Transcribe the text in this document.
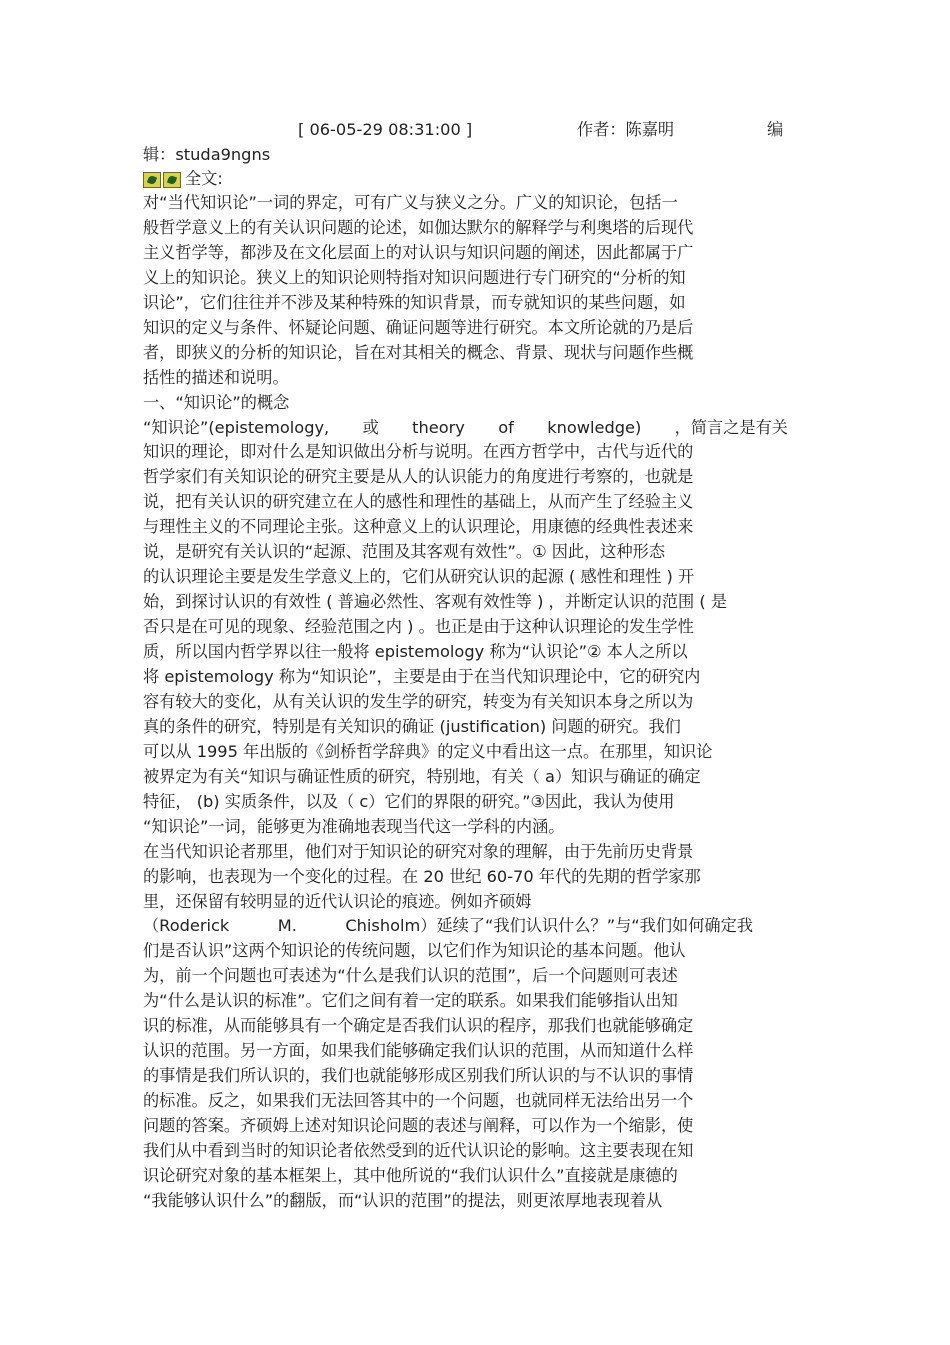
[ 06-05-29 08:31:00 ]	作者：陈嘉明	编
辑：studa9ngns
全文:
对“当代知识论”一词的界定，可有广义与狭义之分。广义的知识论，包括一
般哲学意义上的有关认识问题的论述，如伽达默尔的解释学与利奥塔的后现代
主义哲学等，都涉及在文化层面上的对认识与知识问题的阐述，因此都属于广
义上的知识论。狭义上的知识论则特指对知识问题进行专门研究的“分析的知
识论”，它们往往并不涉及某种特殊的知识背景，而专就知识的某些问题，如
知识的定义与条件、怀疑论问题、确证问题等进行研究。本文所论就的乃是后
者，即狭义的分析的知识论，旨在对其相关的概念、背景、现状与问题作些概
括性的描述和说明。
一、“知识论”的概念
“知识论”(epistemology, 或 theory of knowledge) ，简言之是有关
知识的理论，即对什么是知识做出分析与说明。在西方哲学中，古代与近代的
哲学家们有关知识论的研究主要是从人的认识能力的角度进行考察的，也就是
说，把有关认识的研究建立在人的感性和理性的基础上，从而产生了经验主义
与理性主义的不同理论主张。这种意义上的认识理论，用康德的经典性表述来
说，是研究有关认识的“起源、范围及其客观有效性”。① 因此，这种形态
的认识理论主要是发生学意义上的，它们从研究认识的起源 ( 感性和理性 ) 开
始，到探讨认识的有效性 ( 普遍必然性、客观有效性等 ) ，并断定认识的范围 ( 是
否只是在可见的现象、经验范围之内 ) 。也正是由于这种认识理论的发生学性
质，所以国内哲学界以往一般将 epistemology 称为“认识论”② 本人之所以
将 epistemology 称为“知识论”，主要是由于在当代知识理论中，它的研究内
容有较大的变化，从有关认识的发生学的研究，转变为有关知识本身之所以为
真的条件的研究，特别是有关知识的确证 (justification) 问题的研究。我们
可以从 1995 年出版的《剑桥哲学辞典》的定义中看出这一点。在那里，知识论
被界定为有关“知识与确证性质的研究，特别地，有关（ a）知识与确证的确定
特征， (b) 实质条件，以及（ c）它们的界限的研究。”③因此，我认为使用
“知识论”一词，能够更为准确地表现当代这一学科的内涵。
在当代知识论者那里，他们对于知识论的研究对象的理解，由于先前历史背景
的影响，也表现为一个变化的过程。在 20 世纪 60-70 年代的先期的哲学家那
里，还保留有较明显的近代认识论的痕迹。例如齐硕姆
（Roderick	M.	Chisholm）延续了“我们认识什么？”与“我们如何确定我
们是否认识”这两个知识论的传统问题，以它们作为知识论的基本问题。他认
为，前一个问题也可表述为“什么是我们认识的范围”，后一个问题则可表述
为“什么是认识的标准”。它们之间有着一定的联系。如果我们能够指认出知
识的标准，从而能够具有一个确定是否我们认识的程序，那我们也就能够确定
认识的范围。另一方面，如果我们能够确定我们认识的范围，从而知道什么样
的事情是我们所认识的，我们也就能够形成区别我们所认识的与不认识的事情
的标准。反之，如果我们无法回答其中的一个问题，也就同样无法给出另一个
问题的答案。齐硕姆上述对知识论问题的表述与阐释，可以作为一个缩影，使
我们从中看到当时的知识论者依然受到的近代认识论的影响。这主要表现在知
识论研究对象的基本框架上，其中他所说的“我们认识什么”直接就是康德的
“我能够认识什么”的翻版，而“认识的范围”的提法，则更浓厚地表现着从
